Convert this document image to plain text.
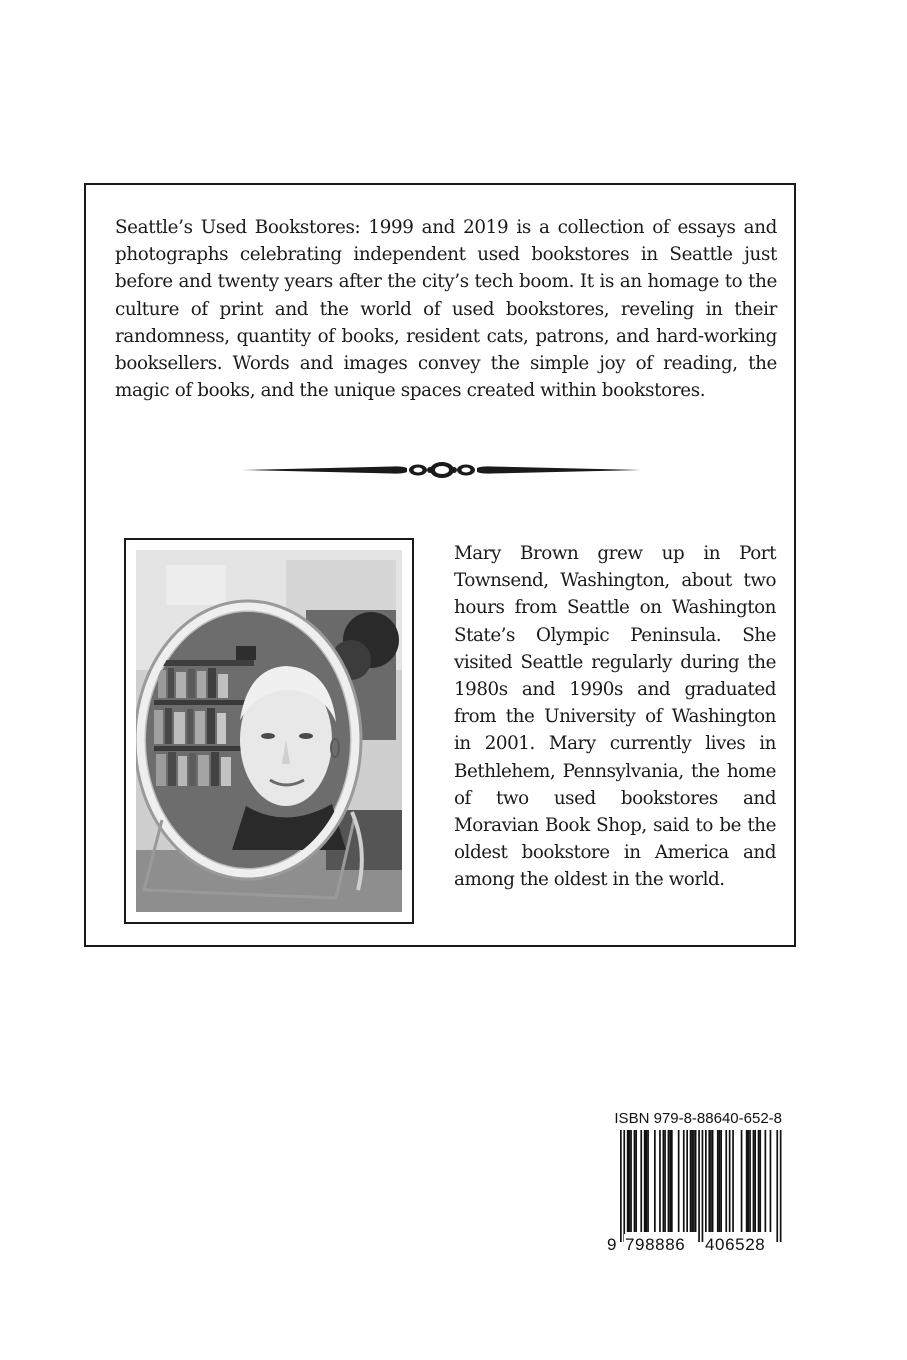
Seattle’s Used Bookstores: 1999 and 2019 is a collection of essays and photographs celebrating independent used bookstores in Seattle just before and twenty years after the city’s tech boom. It is an homage to the culture of print and the world of used bookstores, reveling in their randomness, quantity of books, resident cats, patrons, and hard-working booksellers. Words and images convey the simple joy of reading, the magic of books, and the unique spaces created within bookstores.

Mary Brown grew up in Port Townsend, Washington, about two hours from Seattle on Washington State’s Olympic Peninsula. She visited Seattle regularly during the 1980s and 1990s and graduated from the University of Washington in 2001. Mary currently lives in Bethlehem, Pennsylvania, the home of two used bookstores and Moravian Book Shop, said to be the oldest bookstore in America and among the oldest in the world.

ISBN 979-8-88640-652-8
9 798886 406528
